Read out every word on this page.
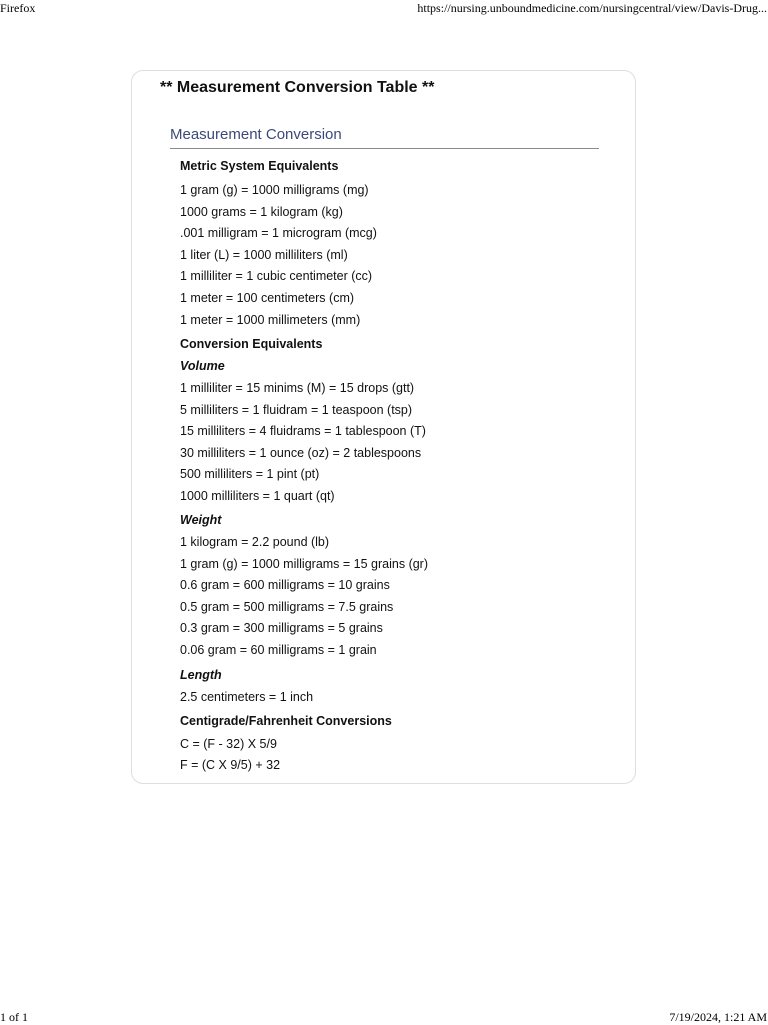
Firefox	https://nursing.unboundmedicine.com/nursingcentral/view/Davis-Drug...
** Measurement Conversion Table **
Measurement Conversion
Metric System Equivalents
1 gram (g) = 1000 milligrams (mg)
1000 grams = 1 kilogram (kg)
.001 milligram = 1 microgram (mcg)
1 liter (L) = 1000 milliliters (ml)
1 milliliter = 1 cubic centimeter (cc)
1 meter = 100 centimeters (cm)
1 meter = 1000 millimeters (mm)
Conversion Equivalents
Volume
1 milliliter = 15 minims (M) = 15 drops (gtt)
5 milliliters = 1 fluidram = 1 teaspoon (tsp)
15 milliliters = 4 fluidrams = 1 tablespoon (T)
30 milliliters = 1 ounce (oz) = 2 tablespoons
500 milliliters = 1 pint (pt)
1000 milliliters = 1 quart (qt)
Weight
1 kilogram = 2.2 pound (lb)
1 gram (g) = 1000 milligrams = 15 grains (gr)
0.6 gram = 600 milligrams = 10 grains
0.5 gram = 500 milligrams = 7.5 grains
0.3 gram = 300 milligrams = 5 grains
0.06 gram = 60 milligrams = 1 grain
Length
2.5 centimeters = 1 inch
Centigrade/Fahrenheit Conversions
C = (F - 32) X 5/9
F = (C X 9/5) + 32
1 of 1	7/19/2024, 1:21 AM
